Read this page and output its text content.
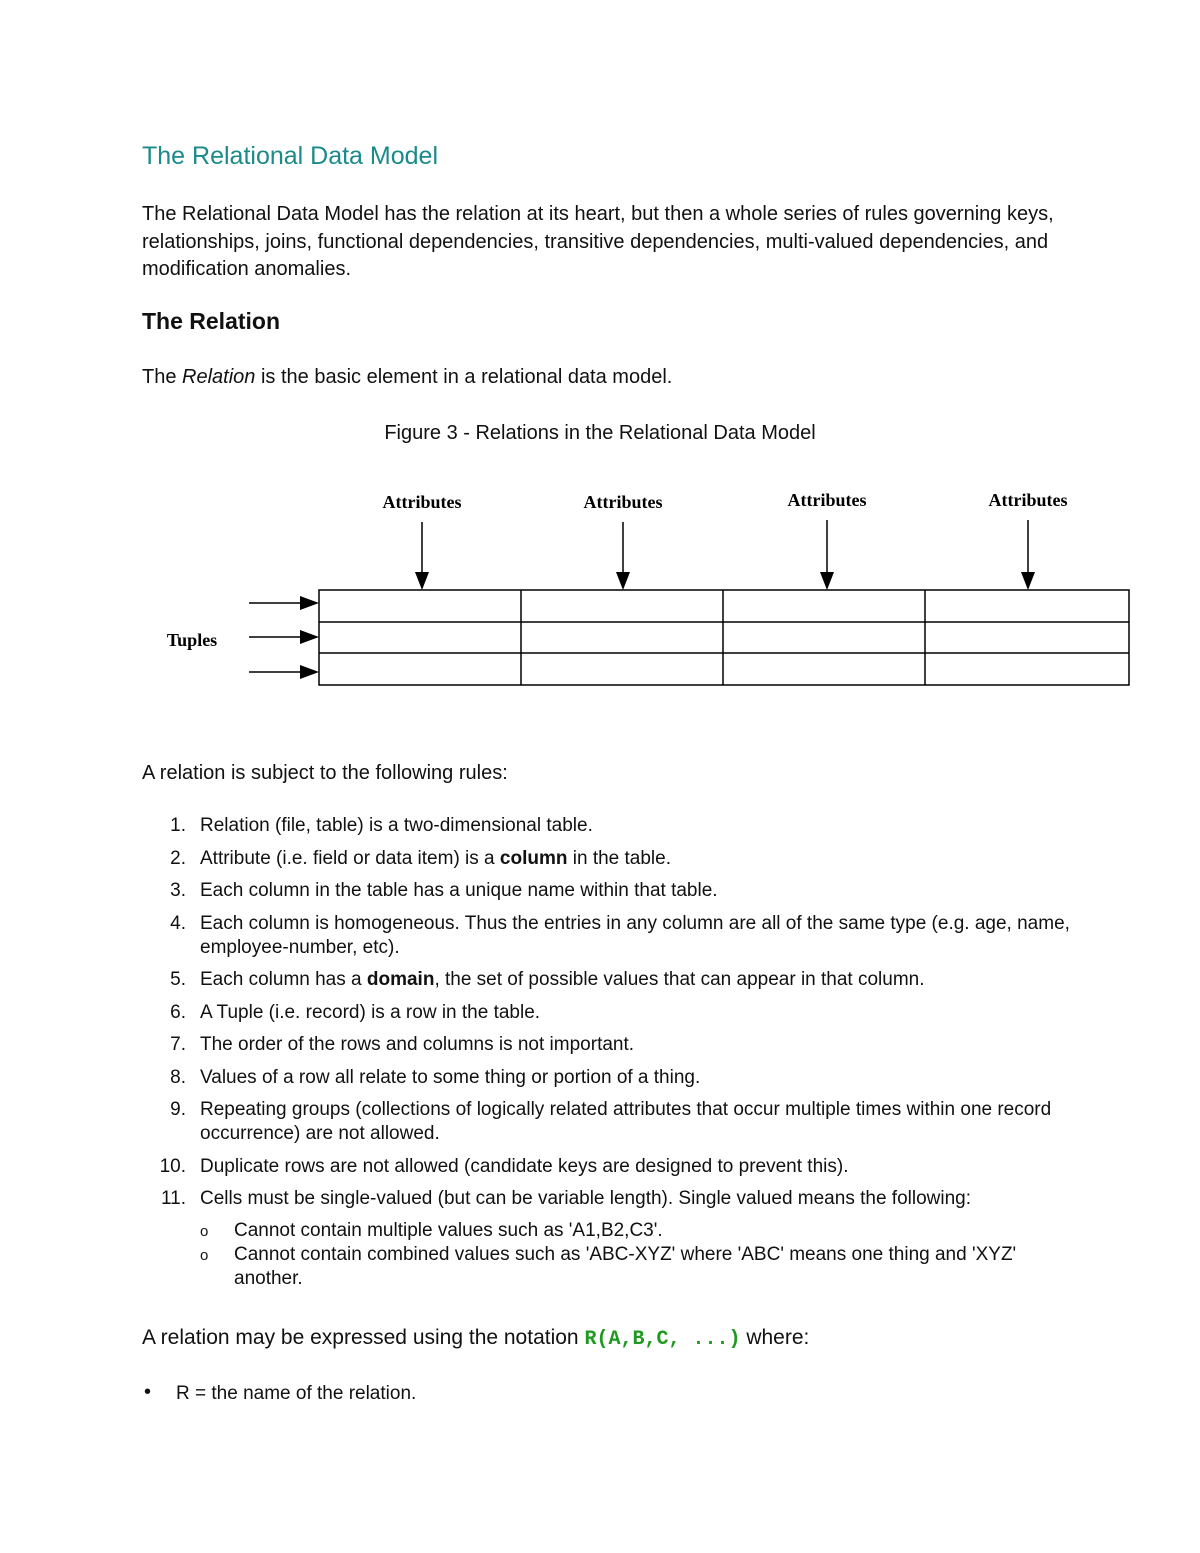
The Relational Data Model

The Relational Data Model has the relation at its heart, but then a whole series of rules governing keys, relationships, joins, functional dependencies, transitive dependencies, multi-valued dependencies, and modification anomalies.

The Relation

The Relation is the basic element in a relational data model.

Figure 3 - Relations in the Relational Data Model

Attributes	Attributes	Attributes	Attributes
Tuples

A relation is subject to the following rules:

1. Relation (file, table) is a two-dimensional table.
2. Attribute (i.e. field or data item) is a column in the table.
3. Each column in the table has a unique name within that table.
4. Each column is homogeneous. Thus the entries in any column are all of the same type (e.g. age, name, employee-number, etc).
5. Each column has a domain, the set of possible values that can appear in that column.
6. A Tuple (i.e. record) is a row in the table.
7. The order of the rows and columns is not important.
8. Values of a row all relate to some thing or portion of a thing.
9. Repeating groups (collections of logically related attributes that occur multiple times within one record occurrence) are not allowed.
10. Duplicate rows are not allowed (candidate keys are designed to prevent this).
11. Cells must be single-valued (but can be variable length). Single valued means the following:
o Cannot contain multiple values such as 'A1,B2,C3'.
o Cannot contain combined values such as 'ABC-XYZ' where 'ABC' means one thing and 'XYZ' another.

A relation may be expressed using the notation R(A,B,C, ...) where:

• R = the name of the relation.
